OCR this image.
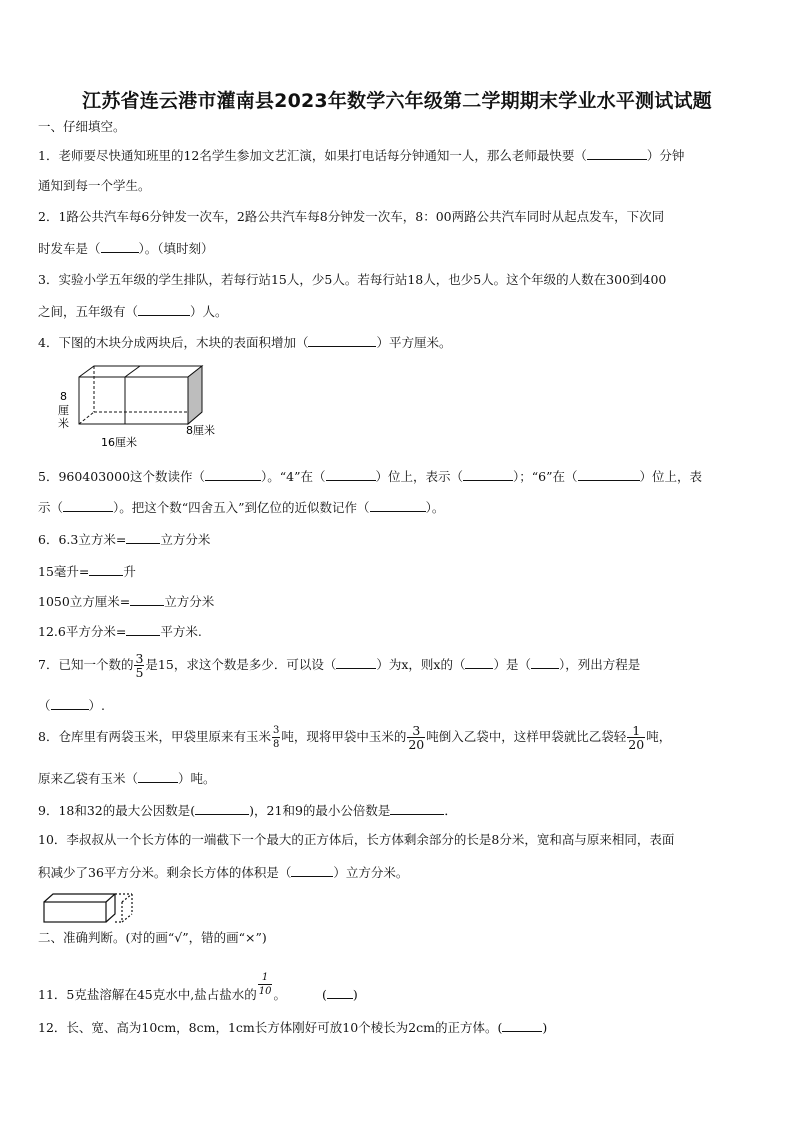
江苏省连云港市灌南县2023年数学六年级第二学期期末学业水平测试试题
一、仔细填空。
1．老师要尽快通知班里的12名学生参加文艺汇演，如果打电话每分钟通知一人，那么老师最快要（	）分钟
通知到每一个学生。
2．1路公共汽车每6分钟发一次车，2路公共汽车每8分钟发一次车，8：00两路公共汽车同时从起点发车，下次同
时发车是（	）。（填时刻）
3．实验小学五年级的学生排队，若每行站15人，少5人。若每行站18人，也少5人。这个年级的人数在300到400
之间，五年级有（	）人。
4．下图的木块分成两块后，木块的表面积增加（	）平方厘米。
8
厘
米
16厘米
8厘米
5．960403000这个数读作（	）。“4”在（	）位上，表示（	）；“6”在（	）位上，表
示（	）。把这个数“四舍五入”到亿位的近似数记作（	）。
6．6.3立方米=	立方分米
15毫升=	升
1050立方厘米=	立方分米
12.6平方分米=	平方米.
7．已知一个数的 $\frac{3}{5}$ 是15，求这个数是多少．可以设（	）为x，则x的（ ）是（ ），列出方程是
（	）.
8．仓库里有两袋玉米，甲袋里原来有玉米 $\frac{3}{8}$ 吨，现将甲袋中玉米的 $\frac{3}{20}$ 吨倒入乙袋中，这样甲袋就比乙袋轻 $\frac{1}{20}$ 吨，
原来乙袋有玉米（	）吨。
9．18和32的最大公因数是(	)，21和9的最小公倍数是	．
10．李叔叔从一个长方体的一端截下一个最大的正方体后，长方体剩余部分的长是8分米，宽和高与原来相同，表面
积减少了36平方分米。剩余长方体的体积是（	）立方分米。
二、准确判断。(对的画“√”，错的画“×”)
11．5克盐溶解在45克水中,盐占盐水的 $\frac{1}{10}$ 。	( )
12．长、宽、高为10cm，8cm，1cm长方体刚好可放10个棱长为2cm的正方体。(	)
